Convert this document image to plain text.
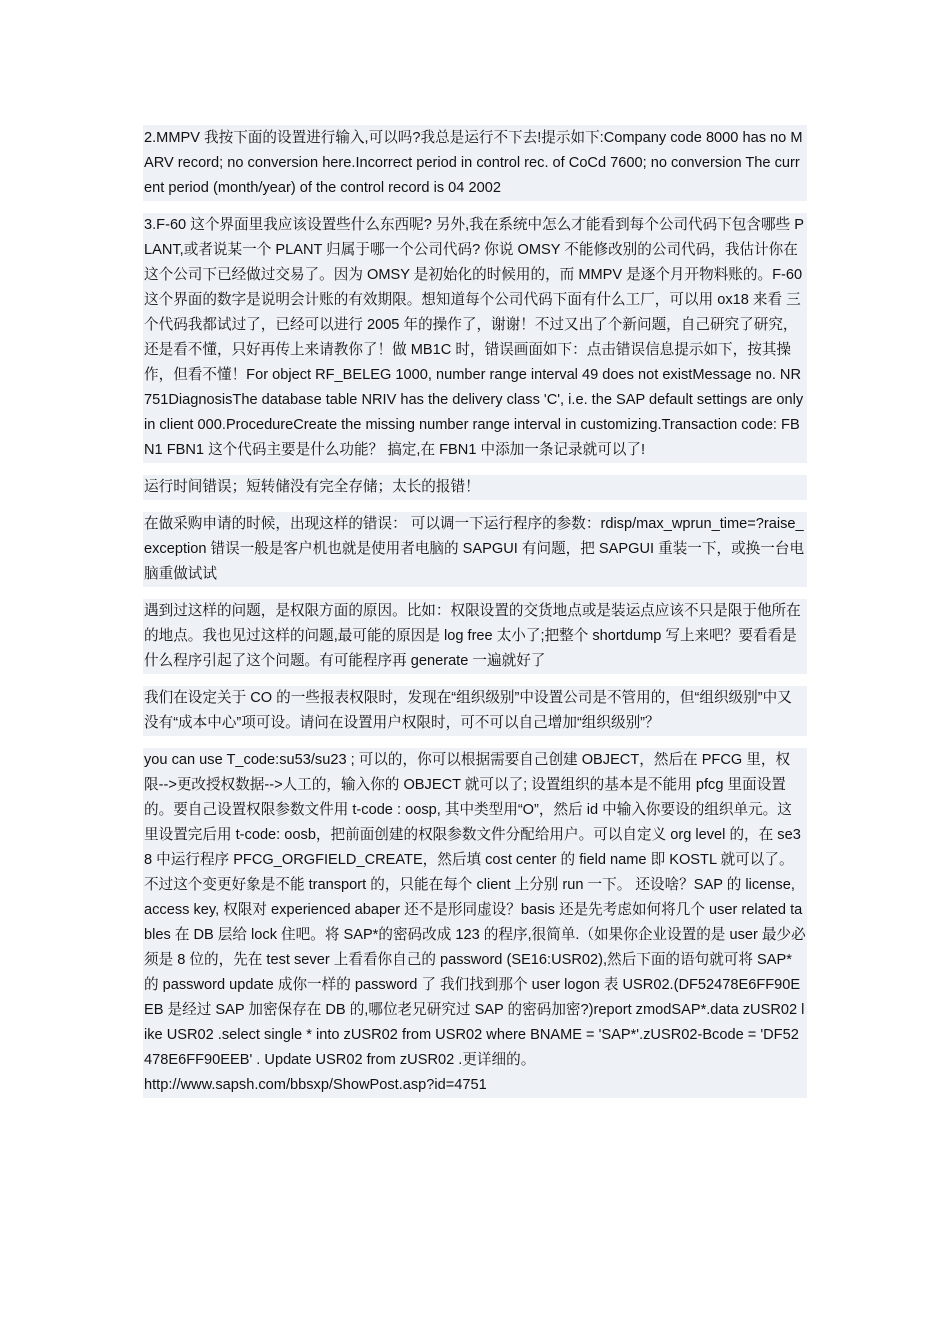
2.MMPV 我按下面的设置进行输入,可以吗?我总是运行不下去!提示如下:Company code 8000 has no MARV record; no conversion here.Incorrect period in control rec. of CoCd 7600; no conversion The current period (month/year) of the control record is 04 2002

3.F-60 这个界面里我应该设置些什么东西呢? 另外,我在系统中怎么才能看到每个公司代码下包含哪些 PLANT,或者说某一个 PLANT 归属于哪一个公司代码? 你说 OMSY 不能修改别的公司代码，我估计你在这个公司下已经做过交易了。因为 OMSY 是初始化的时候用的，而 MMPV 是逐个月开物料账的。F-60 这个界面的数字是说明会计账的有效期限。想知道每个公司代码下面有什么工厂，可以用 ox18 来看 三个代码我都试过了，已经可以进行 2005 年的操作了，谢谢！不过又出了个新问题，自己研究了研究，还是看不懂，只好再传上来请教你了！做 MB1C 时，错误画面如下：点击错误信息提示如下，按其操作，但看不懂！For object RF_BELEG 1000, number range interval 49 does not existMessage no. NR 751DiagnosisThe database table NRIV has the delivery class 'C', i.e. the SAP default settings are only in client 000.ProcedureCreate the missing number range interval in customizing.Transaction code: FBN1 FBN1 这个代码主要是什么功能？ 搞定,在 FBN1 中添加一条记录就可以了!

运行时间错误；短转储没有完全存储；太长的报错！

在做采购申请的时候，出现这样的错误： 可以调一下运行程序的参数：rdisp/max_wprun_time=?raise_exception 错误一般是客户机也就是使用者电脑的 SAPGUI 有问题，把 SAPGUI 重装一下，或换一台电脑重做试试

遇到过这样的问题，是权限方面的原因。比如：权限设置的交货地点或是装运点应该不只是限于他所在的地点。我也见过这样的问题,最可能的原因是 log free 太小了;把整个 shortdump 写上来吧？要看看是什么程序引起了这个问题。有可能程序再 generate 一遍就好了

我们在设定关于 CO 的一些报表权限时，发现在“组织级别”中设置公司是不管用的，但“组织级别”中又没有“成本中心”项可设。请问在设置用户权限时，可不可以自己增加“组织级别”？

you can use T_code:su53/su23 ; 可以的，你可以根据需要自己创建 OBJECT，然后在 PFCG 里，权限-->更改授权数据-->人工的，输入你的 OBJECT 就可以了; 设置组织的基本是不能用 pfcg 里面设置的。要自己设置权限参数文件用 t-code : oosp, 其中类型用“O”，然后 id 中输入你要设的组织单元。这里设置完后用 t-code: oosb，把前面创建的权限参数文件分配给用户。可以自定义 org level 的，在 se38 中运行程序 PFCG_ORGFIELD_CREATE，然后填 cost center 的 field name 即 KOSTL 就可以了。不过这个变更好象是不能 transport 的，只能在每个 client 上分别 run 一下。 还设啥？SAP 的 license, access key, 权限对 experienced abaper 还不是形同虚设？basis 还是先考虑如何将几个 user related tables 在 DB 层给 lock 住吧。将 SAP*的密码改成 123 的程序,很简单.（如果你企业设置的是 user 最少必须是 8 位的，先在 test sever 上看看你自己的 password (SE16:USR02),然后下面的语句就可将 SAP*的 password update 成你一样的 password 了 我们找到那个 user logon 表 USR02.(DF52478E6FF90EEB 是经过 SAP 加密保存在 DB 的,哪位老兄研究过 SAP 的密码加密?)report zmodSAP*.data zUSR02 like USR02 .select single * into zUSR02 from USR02 where BNAME = 'SAP*'.zUSR02-Bcode = 'DF52478E6FF90EEB' . Update USR02 from zUSR02 .更详细的。
http://www.sapsh.com/bbsxp/ShowPost.asp?id=4751
